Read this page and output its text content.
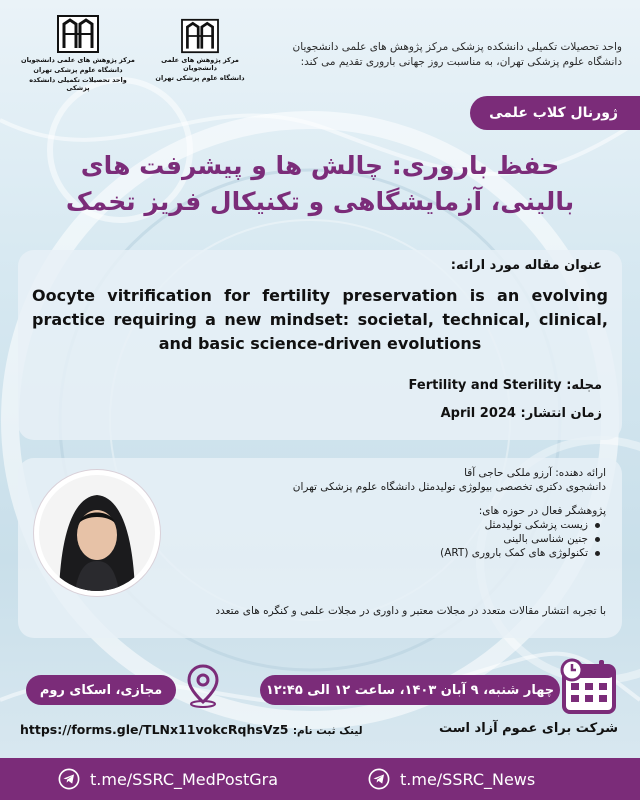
مرکز پژوهش های علمی دانشجویان
دانشگاه علوم پزشکی تهران
واحد تحصیلات تکمیلی دانشکده پزشکی
مرکز پژوهش های علمی دانشجویان
دانشگاه علوم پزشکی تهران
واحد تحصیلات تکمیلی دانشکده پزشکی مرکز پژوهش های علمی دانشجویان
دانشگاه علوم پزشکی تهران، به مناسبت روز جهانی باروری تقدیم می کند:
ژورنال کلاب علمی
حفظ باروری: چالش ها و پیشرفت های
بالینی، آزمایشگاهی و تکنیکال فریز تخمک
عنوان مقاله مورد ارائه:
Oocyte vitrification for fertility preservation is an evolving practice requiring a new mindset: societal, technical, clinical, and basic science-driven evolutions
مجله: Fertility and Sterility
زمان انتشار: April 2024
ارائه دهنده: آرزو ملکی حاجی آقا
دانشجوی دکتری تخصصی بیولوژی تولیدمثل دانشگاه علوم پزشکی تهران
پژوهشگر فعال در حوزه های:
زیست پزشکی تولیدمثل
جنین شناسی بالینی
تکنولوژی های کمک باروری (ART)
با تجربه انتشار مقالات متعدد در مجلات معتبر و داوری در مجلات علمی و کنگره های متعدد
چهار شنبه، ۹ آبان ۱۴۰۳، ساعت ۱۲ الی ۱۲:۴۵
مجازی، اسکای روم
لینک ثبت نام: https://forms.gle/TLNx11vokcRqhsVz5	شرکت برای عموم آزاد است
t.me/SSRC_MedPostGra	t.me/SSRC_News
